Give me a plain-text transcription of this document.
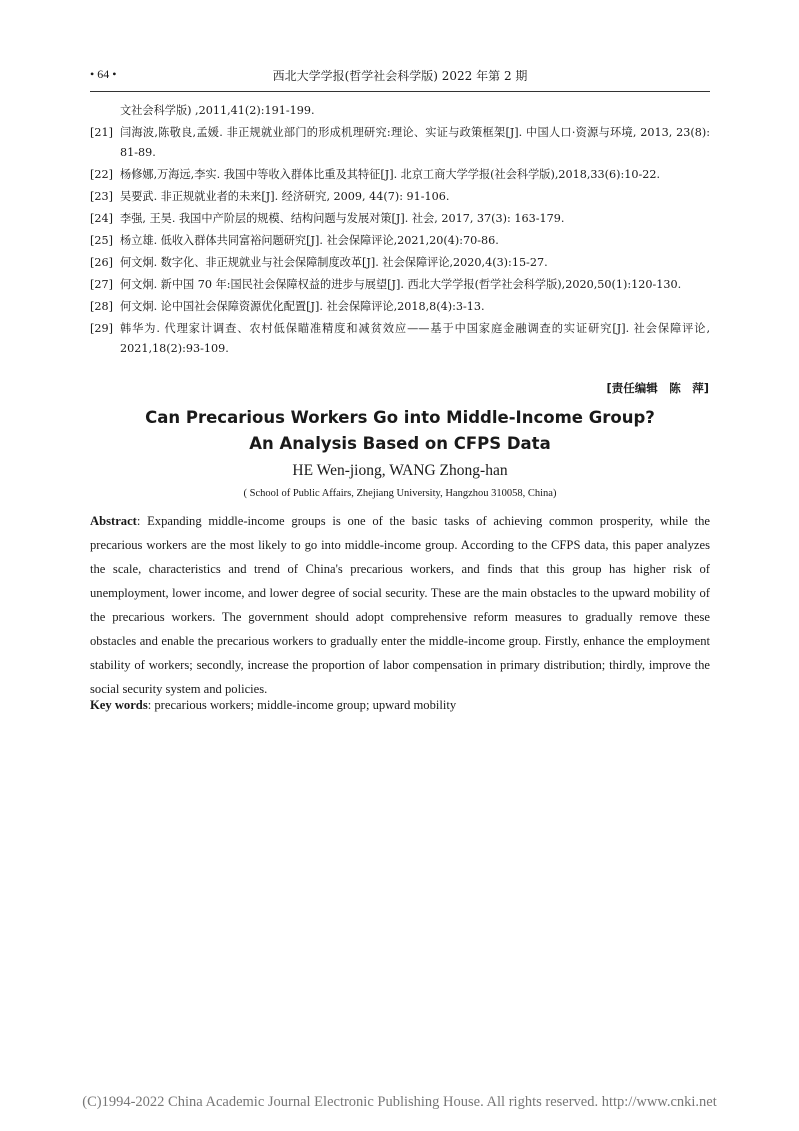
• 64 •	西北大学学报(哲学社会科学版) 2022 年第 2 期
文社会科学版) ,2011,41(2):191-199.
[21] 闫海波,陈敬良,孟媛. 非正规就业部门的形成机理研究:理论、实证与政策框架[J]. 中国人口·资源与环境, 2013, 23(8): 81-89.
[22] 杨修娜,万海远,李实. 我国中等收入群体比重及其特征[J]. 北京工商大学学报(社会科学版),2018,33(6):10-22.
[23] 吴要武. 非正规就业者的未来[J]. 经济研究, 2009, 44(7): 91-106.
[24] 李强, 王昊. 我国中产阶层的规模、结构问题与发展对策[J]. 社会, 2017, 37(3): 163-179.
[25] 杨立雄. 低收入群体共同富裕问题研究[J]. 社会保障评论,2021,20(4):70-86.
[26] 何文炯. 数字化、非正规就业与社会保障制度改革[J]. 社会保障评论,2020,4(3):15-27.
[27] 何文炯. 新中国 70 年:国民社会保障权益的进步与展望[J]. 西北大学学报(哲学社会科学版),2020,50(1):120-130.
[28] 何文炯. 论中国社会保障资源优化配置[J]. 社会保障评论,2018,8(4):3-13.
[29] 韩华为. 代理家计调查、农村低保瞄准精度和减贫效应——基于中国家庭金融调查的实证研究[J]. 社会保障评论, 2021,18(2):93-109.
[责任编辑　陈　萍]
Can Precarious Workers Go into Middle-Income Group?
An Analysis Based on CFPS Data
HE Wen-jiong, WANG Zhong-han
( School of Public Affairs, Zhejiang University, Hangzhou 310058, China)
Abstract: Expanding middle-income groups is one of the basic tasks of achieving common prosperity, while the precarious workers are the most likely to go into middle-income group. According to the CFPS data, this paper analyzes the scale, characteristics and trend of China's precarious workers, and finds that this group has higher risk of unemployment, lower income, and lower degree of social security. These are the main obstacles to the upward mobility of the precarious workers. The government should adopt comprehensive reform measures to gradually remove these obstacles and enable the precarious workers to gradually enter the middle-income group. Firstly, enhance the employment stability of workers; secondly, increase the proportion of labor compensation in primary distribution; thirdly, improve the social security system and policies.
Key words: precarious workers; middle-income group; upward mobility
(C)1994-2022 China Academic Journal Electronic Publishing House. All rights reserved. http://www.cnki.net
